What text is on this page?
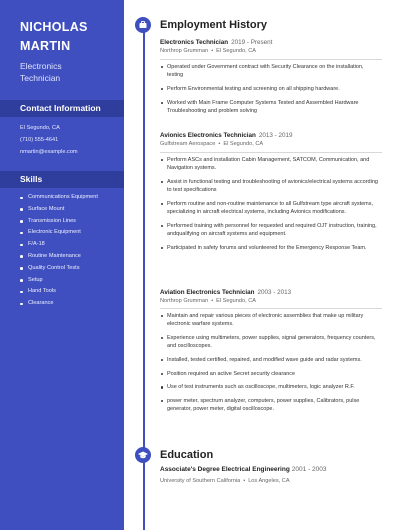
NICHOLAS
MARTIN
Electronics
Technician
Contact Information
El Segundo, CA
(710) 555-4641
nmartin@example.com
Skills
Communications Equipment
Surface Mount
Transmission Lines
Electronic Equipment
F/A-18
Routine Maintenance
Quality Control Tests
Setup
Hand Tools
Clearance
Employment History
Electronics Technician 2019 - Present
Northrop Grumman • El Segundo, CA
Operated under Government contract with Security Clearance on the installation, testing
Perform Environmental testing and screening on all shipping hardware.
Worked with Main Frame Computer Systems Tested and Assembled Hardware Troubleshooting and problem solving
Avionics Electronics Technician 2013 - 2019
Gulfstream Aerospace • El Segundo, CA
Perform ASCs and installation Cabin Management, SATCOM, Communication, and Navigation systems.
Assist in functional testing and troubleshooting of avionics/electrical systems according to test specifications
Perform routine and non-routine maintenance to all Gulfstream type aircraft systems, specializing in aircraft electrical systems, including Avionics modifications.
Performed training with personnel for requested and required OJT instruction, training, andqualifying on aircraft systems and equipment.
Participated in safety forums and volunteered for the Emergency Response Team.
Aviation Electronics Technician 2003 - 2013
Northrop Grumman • El Segundo, CA
Maintain and repair various pieces of electronic assemblies that make up military electronic warfare systems.
Experience using multimeters, power supplies, signal generators, frequency counters, and oscilloscopes.
Installed, tested certified, repaired, and modified wave guide and radar systems.
Position required an active Secret security clearance
Use of test instruments such as oscilloscope, multimeters, logic analyzer R.F.
power meter, spectrum analyzer, computers, power supplies, Calibrators, pulse generator, power meter, digital oscilloscope.
Education
Associate's Degree Electrical Engineering 2001 - 2003
University of Southern California • Los Angeles, CA
